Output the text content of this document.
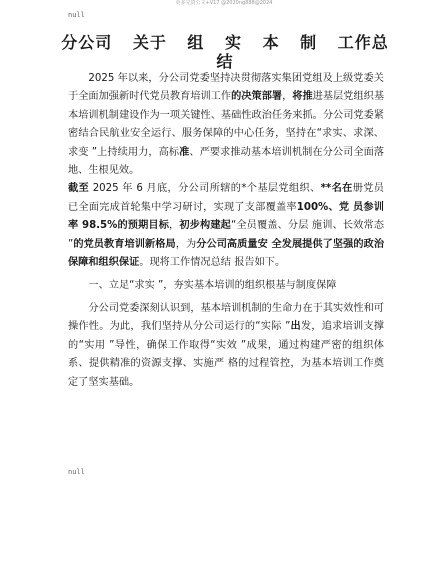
更多完资公文+V17 @2020ng888@2024
null
分公司 关于 组 实 本 制 工作总结

2025 年以来，分公司党委坚持决贯彻落实集团党组及上级党委关于全面加强新时代党员教育培训工作的决策部署，将推进基层党组织基本培训机制建设作为一项关键性、基础性政治任务来抓。分公司党委紧密结合民航业安全运行、服务保障的中心任务，坚持在“求实、求深、求变 ”上持续用力，高标准、严要求推动基本培训机制在分公司全面落地、生根见效。

截至 2025 年 6 月底，分公司所辖的*个基层党组织、**名在册党员 已全面完成首轮集中学习研讨，实现了支部覆盖率100%、党 员参训率 98.5%的预期目标，初步构建起“全员覆盖、分层 施训、长效常态 ”的党员教育培训新格局，为分公司高质量安 全发展提供了坚强的政治保障和组织保证。现将工作情况总结 报告如下。

一、立足“求实 ”，夯实基本培训的组织根基与制度保障

分公司党委深刻认识到，基本培训机制的生命力在于其实效性和可操作性。为此，我们坚持从分公司运行的“实际 ”出发，追求培训支撑的“实用 ”导性，确保工作取得“实效 ”成果，通过构建严密的组织体系、提供精准的资源支撑、实施严 格的过程管控，为基本培训工作奠定了坚实基础。

null
